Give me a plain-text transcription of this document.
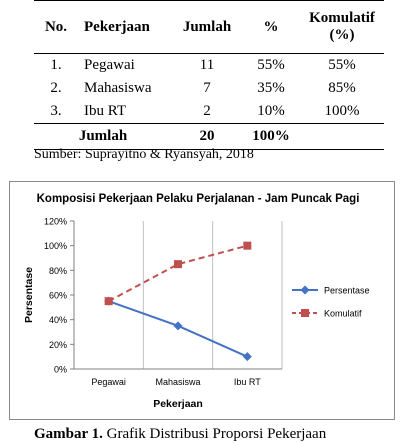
No.	Pekerjaan	Jumlah	%	Komulatif
(%)
1.	Pegawai	11	55%	55%
2.	Mahasiswa	7	35%	85%
3.	Ibu RT	2	10%	100%
Jumlah		20	100%	
Sumber: Suprayitno & Ryansyah, 2018
Komposisi Pekerjaan Pelaku Perjalanan - Jam Puncak Pagi
0%
20%
40%
60%
80%
100%
120%
Pegawai	Mahasiswa	Ibu RT
Pekerjaan
Persentase	Persentase
Komulatif
Gambar 1. Grafik Distribusi Proporsi Pekerjaan
